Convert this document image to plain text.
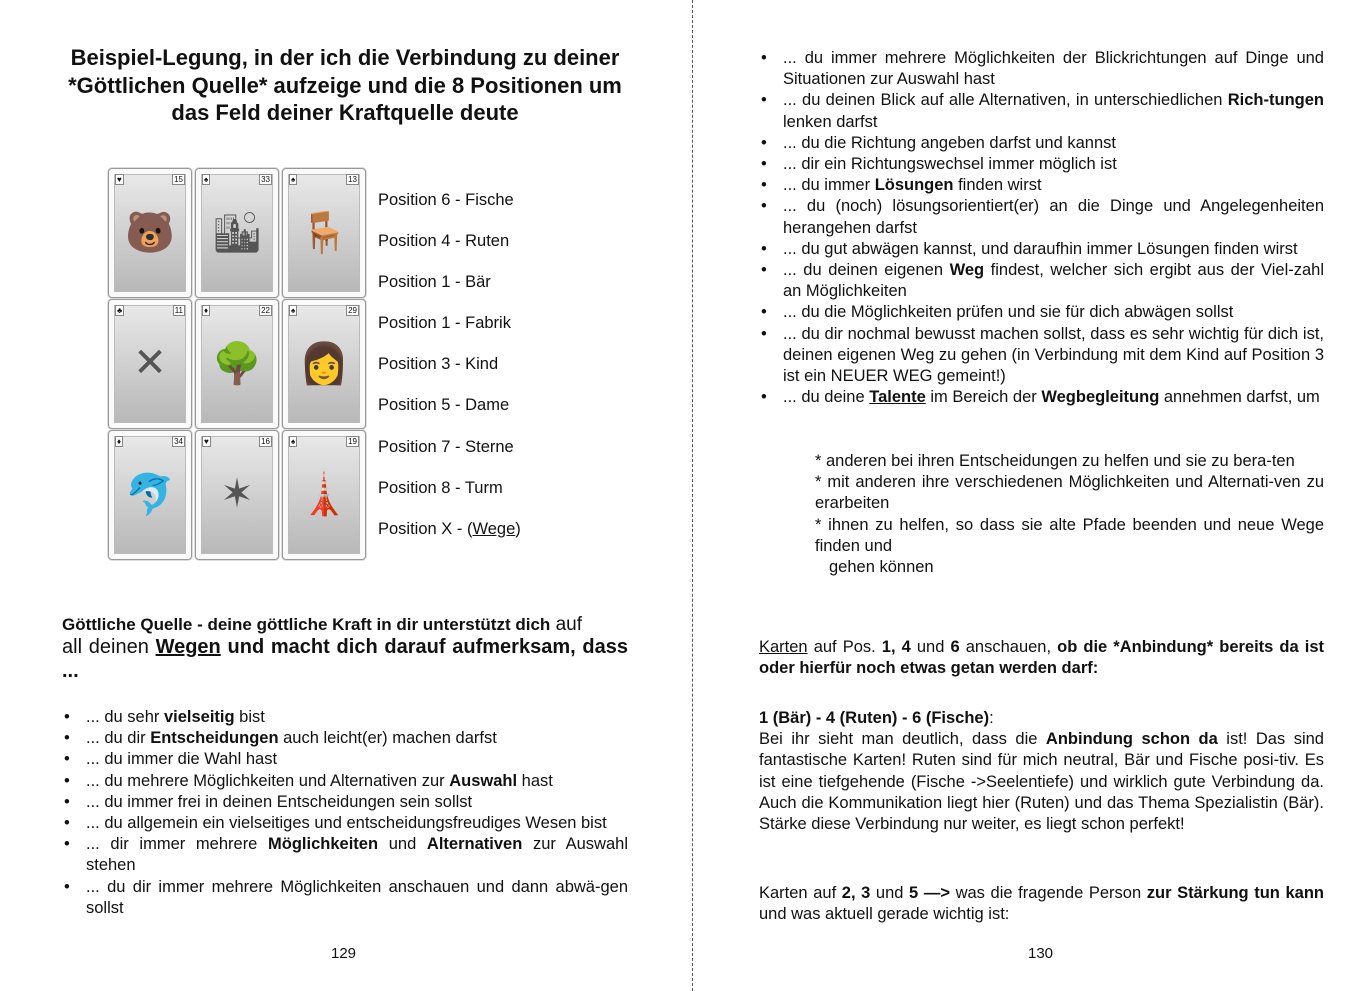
Beispiel-Legung, in der ich die Verbindung zu deiner *Göttlichen Quelle* aufzeige und die 8 Positionen um das Feld deiner Kraftquelle deute
🐻
♥	15
🏙
♠	33
🪑
♠	13
✕
♣	11
🌳
♦	22
👩
♠	29
🐬
♦	34
✶
♥	16
🗼
♠	19
Position 6 - Fische
Position 4 - Ruten
Position 1 - Bär
Position 1 - Fabrik
Position 3 - Kind
Position 5 - Dame
Position 7 - Sterne
Position 8 - Turm
Position X - (Wege)
Göttliche Quelle - deine göttliche Kraft in dir unterstützt dich auf
all deinen Wegen und macht dich darauf aufmerksam, dass ...
• ... du sehr vielseitig bist
• ... du dir Entscheidungen auch leicht(er) machen darfst
• ... du immer die Wahl hast
• ... du mehrere Möglichkeiten und Alternativen zur Auswahl hast
• ... du immer frei in deinen Entscheidungen sein sollst
• ... du allgemein ein vielseitiges und entscheidungsfreudiges Wesen bist
• ... dir immer mehrere Möglichkeiten und Alternativen zur Auswahl stehen
• ... du dir immer mehrere Möglichkeiten anschauen und dann abwä-gen sollst
129
• ... du immer mehrere Möglichkeiten der Blickrichtungen auf Dinge und Situationen zur Auswahl hast
• ... du deinen Blick auf alle Alternativen, in unterschiedlichen Rich-tungen lenken darfst
• ... du die Richtung angeben darfst und kannst
• ... dir ein Richtungswechsel immer möglich ist
• ... du immer Lösungen finden wirst
• ... du (noch) lösungsorientiert(er) an die Dinge und Angelegenheiten herangehen darfst
• ... du gut abwägen kannst, und daraufhin immer Lösungen finden wirst
• ... du deinen eigenen Weg findest, welcher sich ergibt aus der Viel-zahl an Möglichkeiten
• ... du die Möglichkeiten prüfen und sie für dich abwägen sollst
• ... du dir nochmal bewusst machen sollst, dass es sehr wichtig für dich ist, deinen eigenen Weg zu gehen (in Verbindung mit dem Kind auf Position 3 ist ein NEUER WEG gemeint!)
• ... du deine Talente im Bereich der Wegbegleitung annehmen darfst, um
* anderen bei ihren Entscheidungen zu helfen und sie zu bera-ten
* mit anderen ihre verschiedenen Möglichkeiten und Alternati-ven zu erarbeiten
* ihnen zu helfen, so dass sie alte Pfade beenden und neue Wege finden und
gehen können
Karten auf Pos. 1, 4 und 6 anschauen, ob die *Anbindung* bereits da ist oder hierfür noch etwas getan werden darf:
1 (Bär) - 4 (Ruten) - 6 (Fische):
Bei ihr sieht man deutlich, dass die Anbindung schon da ist! Das sind fantastische Karten! Ruten sind für mich neutral, Bär und Fische posi-tiv. Es ist eine tiefgehende (Fische ->Seelentiefe) und wirklich gute Verbindung da. Auch die Kommunikation liegt hier (Ruten) und das Thema Spezialistin (Bär). Stärke diese Verbindung nur weiter, es liegt schon perfekt!
Karten auf 2, 3 und 5 —> was die fragende Person zur Stärkung tun kann und was aktuell gerade wichtig ist:
130
